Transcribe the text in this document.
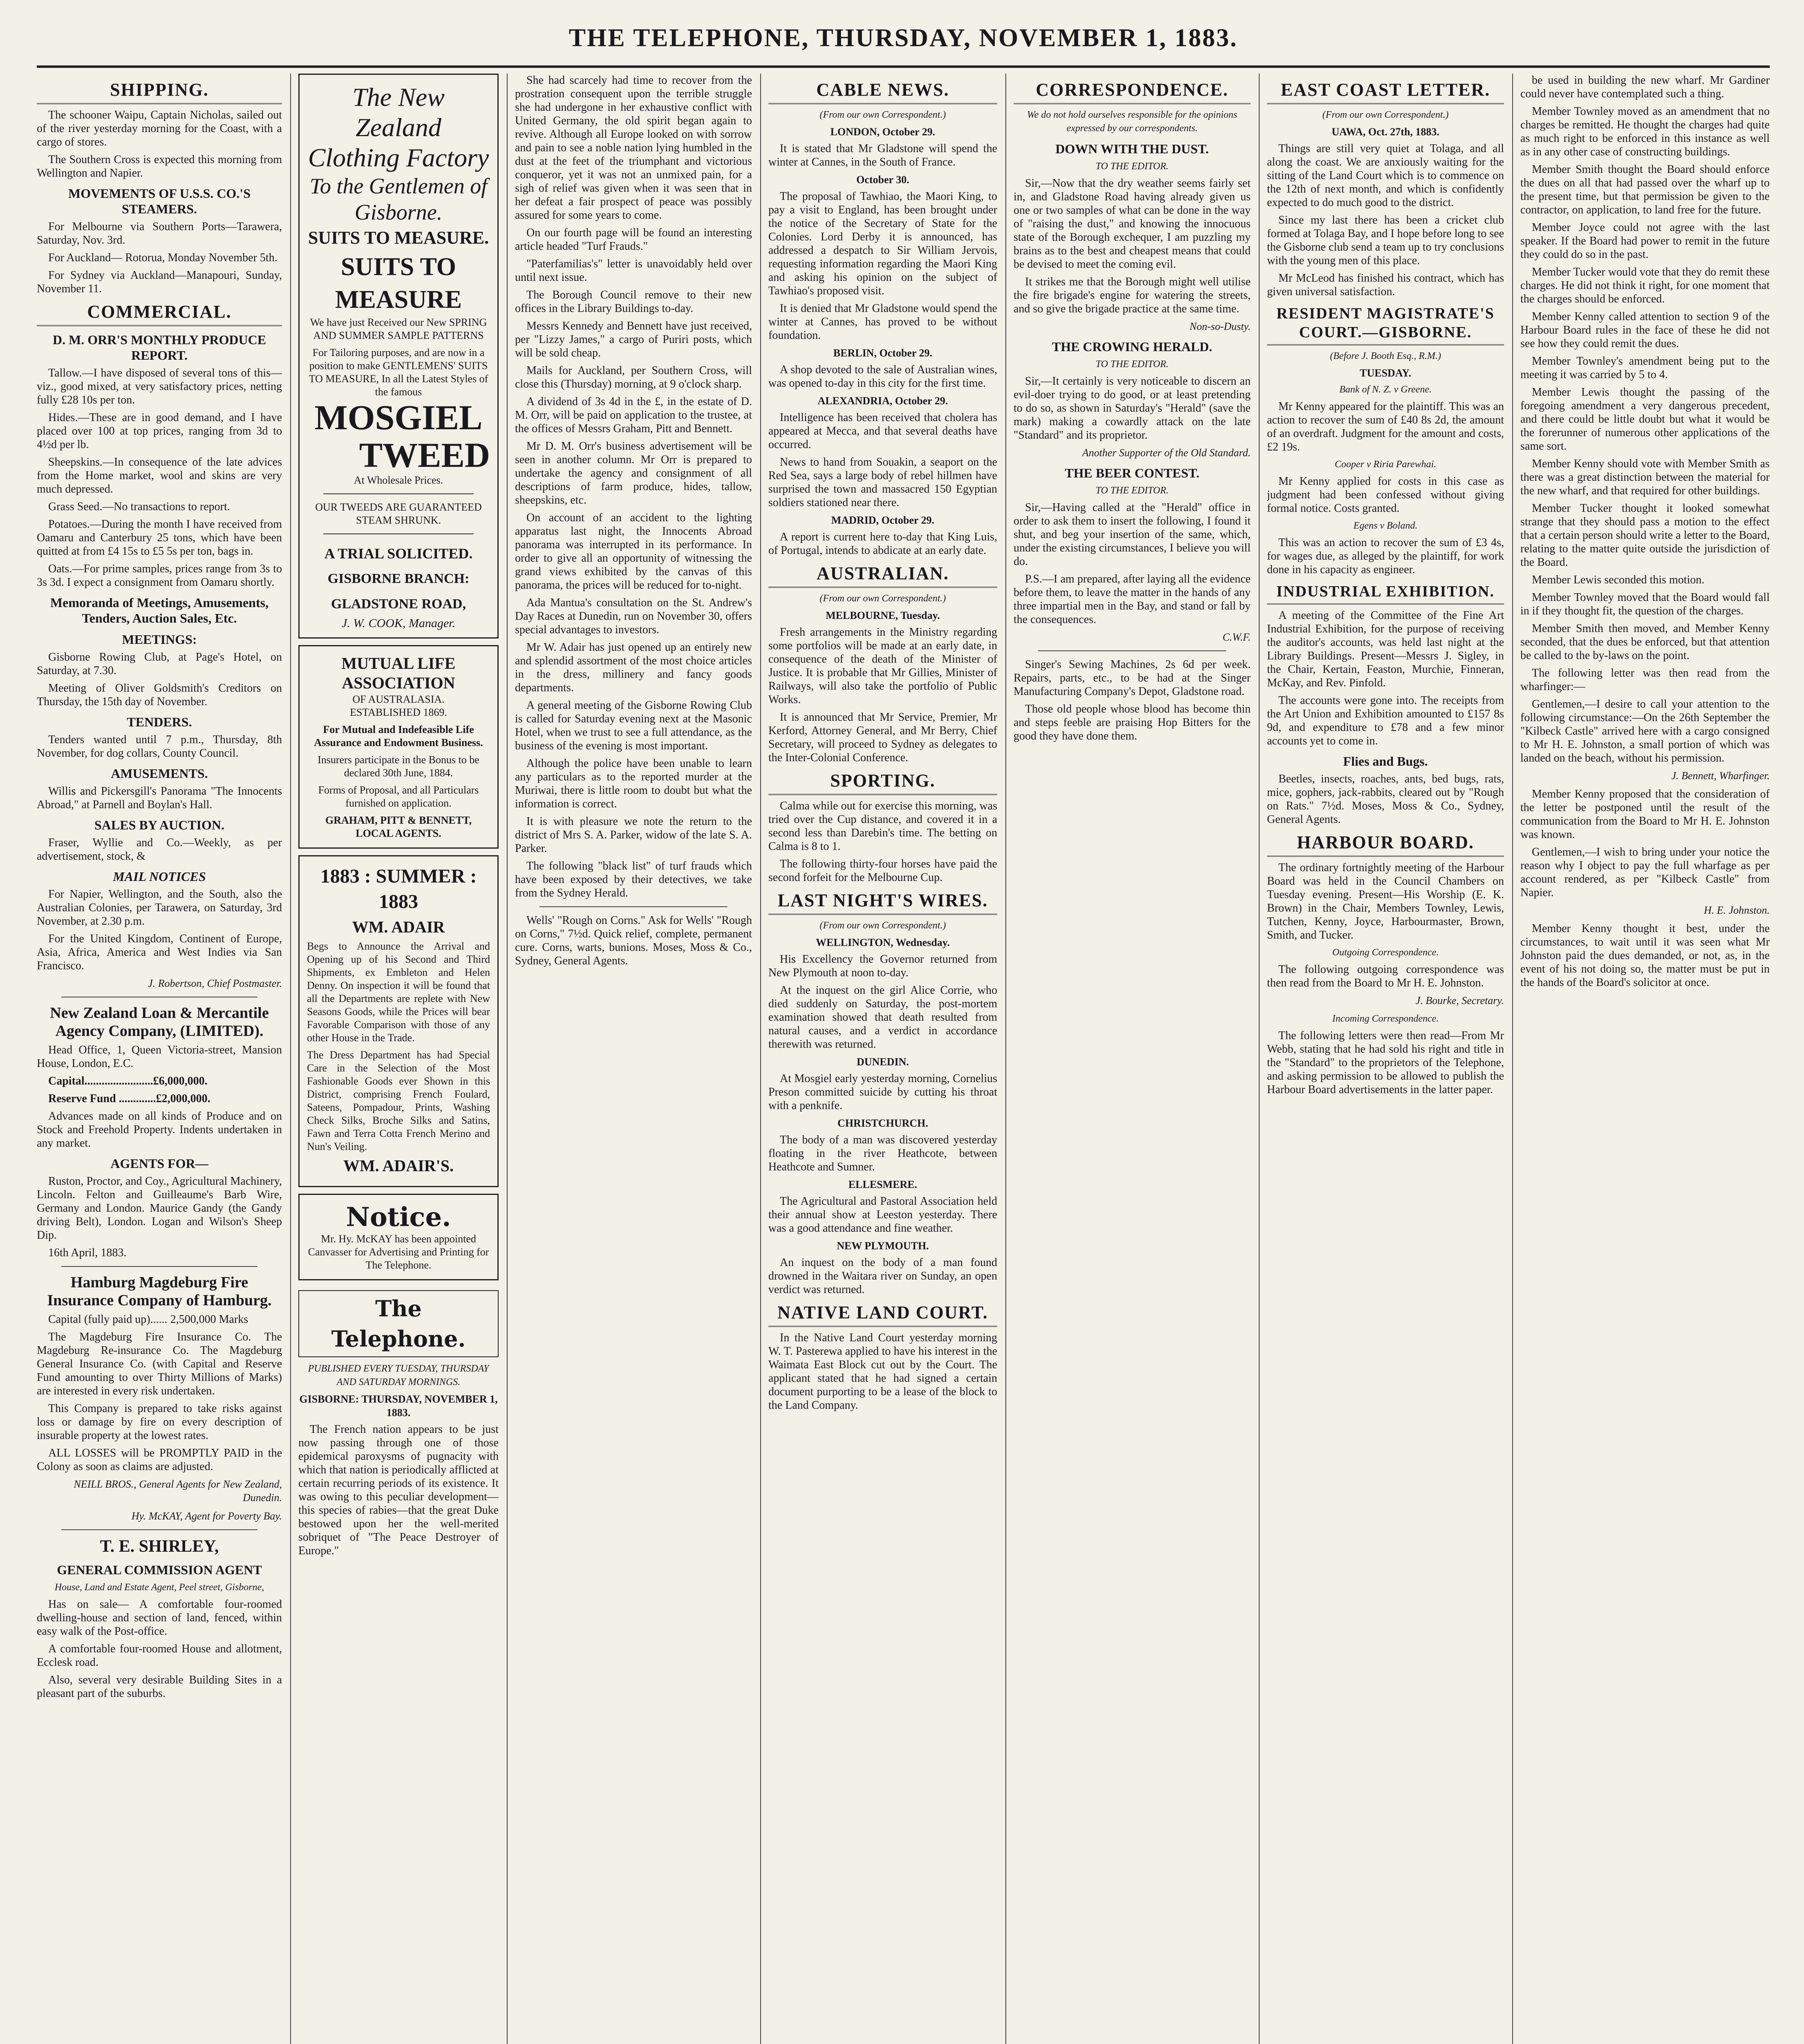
THE TELEPHONE, THURSDAY, NOVEMBER 1, 1883.
SHIPPING.

The schooner Waipu, Captain Nicholas, sailed out of the river yesterday morning for the Coast, with a cargo of stores.

The Southern Cross is expected this morning from Wellington and Napier.

MOVEMENTS OF U.S.S. CO.'S STEAMERS.

For Melbourne via Southern Ports—Tarawera, Saturday, Nov. 3rd.

For Auckland— Rotorua, Monday November 5th.

For Sydney via Auckland—Manapouri, Sunday, November 11.

COMMERCIAL.
D. M. ORR'S MONTHLY PRODUCE REPORT.

Tallow.—I have disposed of several tons of this—viz., good mixed, at very satisfactory prices, netting fully £28 10s per ton.

Hides.—These are in good demand, and I have placed over 100 at top prices, ranging from 3d to 4½d per lb.

Sheepskins.—In consequence of the late advices from the Home market, wool and skins are very much depressed.

Grass Seed.—No transactions to report.

Potatoes.—During the month I have received from Oamaru and Canterbury 25 tons, which have been quitted at from £4 15s to £5 5s per ton, bags in.

Oats.—For prime samples, prices range from 3s to 3s 3d. I expect a consignment from Oamaru shortly.

Memoranda of Meetings, Amusements, Tenders, Auction Sales, Etc.
MEETINGS:

Gisborne Rowing Club, at Page's Hotel, on Saturday, at 7.30.

Meeting of Oliver Goldsmith's Creditors on Thursday, the 15th day of November.

TENDERS.

Tenders wanted until 7 p.m., Thursday, 8th November, for dog collars, County Council.

AMUSEMENTS.

Willis and Pickersgill's Panorama "The Innocents Abroad," at Parnell and Boylan's Hall.

SALES BY AUCTION.

Fraser, Wyllie and Co.—Weekly, as per advertisement, stock, &

MAIL NOTICES

For Napier, Wellington, and the South, also the Australian Colonies, per Tarawera, on Saturday, 3rd November, at 2.30 p.m.

For the United Kingdom, Continent of Europe, Asia, Africa, America and West Indies via San Francisco.

J. Robertson, Chief Postmaster.
New Zealand Loan & Mercantile Agency Company, (LIMITED).

Head Office, 1, Queen Victoria-street, Mansion House, London, E.C.

Capital........................£6,000,000.

Reserve Fund .............£2,000,000.

Advances made on all kinds of Produce and on Stock and Freehold Property. Indents undertaken in any market.

AGENTS FOR—

Ruston, Proctor, and Coy., Agricultural Machinery, Lincoln. Felton and Guilleaume's Barb Wire, Germany and London. Maurice Gandy (the Gandy driving Belt), London. Logan and Wilson's Sheep Dip.

16th April, 1883.

Hamburg Magdeburg Fire Insurance Company of Hamburg.

Capital (fully paid up)...... 2,500,000 Marks

The Magdeburg Fire Insurance Co. The Magdeburg Re-insurance Co. The Magdeburg General Insurance Co. (with Capital and Reserve Fund amounting to over Thirty Millions of Marks) are interested in every risk undertaken.

This Company is prepared to take risks against loss or damage by fire on every description of insurable property at the lowest rates.

ALL LOSSES will be PROMPTLY PAID in the Colony as soon as claims are adjusted.

NEILL BROS., General Agents for New Zealand, Dunedin.
Hy. McKAY, Agent for Poverty Bay.
T. E. SHIRLEY,
GENERAL COMMISSION AGENT
House, Land and Estate Agent, Peel street, Gisborne,

Has on sale— A comfortable four-roomed dwelling-house and section of land, fenced, within easy walk of the Post-office.

A comfortable four-roomed House and allotment, Ecclesk road.

Also, several very desirable Building Sites in a pleasant part of the suburbs.

The New Zealand
Clothing Factory
To the Gentlemen of Gisborne.
SUITS TO MEASURE.
SUITS TO MEASURE
We have just Received our New SPRING AND SUMMER SAMPLE PATTERNS
For Tailoring purposes, and are now in a position to make GENTLEMENS' SUITS TO MEASURE, In all the Latest Styles of the famous
MOSGIEL
TWEED
At Wholesale Prices.
OUR TWEEDS ARE GUARANTEED STEAM SHRUNK.
A TRIAL SOLICITED.
GISBORNE BRANCH:
GLADSTONE ROAD,
J. W. COOK, Manager.
MUTUAL LIFE ASSOCIATION
OF AUSTRALASIA.
ESTABLISHED 1869.
For Mutual and Indefeasible Life Assurance and Endowment Business.
Insurers participate in the Bonus to be declared 30th June, 1884.
Forms of Proposal, and all Particulars furnished on application.
GRAHAM, PITT & BENNETT, LOCAL AGENTS.
1883 : SUMMER : 1883
WM. ADAIR
Begs to Announce the Arrival and Opening up of his Second and Third Shipments, ex Embleton and Helen Denny. On inspection it will be found that all the Departments are replete with New Seasons Goods, while the Prices will bear Favorable Comparison with those of any other House in the Trade.
The Dress Department has had Special Care in the Selection of the Most Fashionable Goods ever Shown in this District, comprising French Foulard, Sateens, Pompadour, Prints, Washing Check Silks, Broche Silks and Satins, Fawn and Terra Cotta French Merino and Nun's Veiling.
WM. ADAIR'S.
Notice.
Mr. Hy. McKAY has been appointed Canvasser for Advertising and Printing for The Telephone.
The Telephone.
PUBLISHED EVERY TUESDAY, THURSDAY AND SATURDAY MORNINGS.
GISBORNE: THURSDAY, NOVEMBER 1, 1883.

The French nation appears to be just now passing through one of those epidemical paroxysms of pugnacity with which that nation is periodically afflicted at certain recurring periods of its existence. It was owing to this peculiar development—this species of rabies—that the great Duke bestowed upon her the well-merited sobriquet of "The Peace Destroyer of Europe."

She had scarcely had time to recover from the prostration consequent upon the terrible struggle she had undergone in her exhaustive conflict with United Germany, the old spirit began again to revive. Although all Europe looked on with sorrow and pain to see a noble nation lying humbled in the dust at the feet of the triumphant and victorious conqueror, yet it was not an unmixed pain, for a sigh of relief was given when it was seen that in her defeat a fair prospect of peace was possibly assured for some years to come.

On our fourth page will be found an interesting article headed "Turf Frauds."

"Paterfamilias's" letter is unavoidably held over until next issue.

The Borough Council remove to their new offices in the Library Buildings to-day.

Messrs Kennedy and Bennett have just received, per "Lizzy James," a cargo of Puriri posts, which will be sold cheap.

Mails for Auckland, per Southern Cross, will close this (Thursday) morning, at 9 o'clock sharp.

A dividend of 3s 4d in the £, in the estate of D. M. Orr, will be paid on application to the trustee, at the offices of Messrs Graham, Pitt and Bennett.

Mr D. M. Orr's business advertisement will be seen in another column. Mr Orr is prepared to undertake the agency and consignment of all descriptions of farm produce, hides, tallow, sheepskins, etc.

On account of an accident to the lighting apparatus last night, the Innocents Abroad panorama was interrupted in its performance. In order to give all an opportunity of witnessing the grand views exhibited by the canvas of this panorama, the prices will be reduced for to-night.

Ada Mantua's consultation on the St. Andrew's Day Races at Dunedin, run on November 30, offers special advantages to investors.

Mr W. Adair has just opened up an entirely new and splendid assortment of the most choice articles in the dress, millinery and fancy goods departments.

A general meeting of the Gisborne Rowing Club is called for Saturday evening next at the Masonic Hotel, when we trust to see a full attendance, as the business of the evening is most important.

Although the police have been unable to learn any particulars as to the reported murder at the Muriwai, there is little room to doubt but what the information is correct.

It is with pleasure we note the return to the district of Mrs S. A. Parker, widow of the late S. A. Parker.

The following "black list" of turf frauds which have been exposed by their detectives, we take from the Sydney Herald.

Wells' "Rough on Corns." Ask for Wells' "Rough on Corns," 7½d. Quick relief, complete, permanent cure. Corns, warts, bunions. Moses, Moss & Co., Sydney, General Agents.

CABLE NEWS.
(From our own Correspondent.)
LONDON, October 29.

It is stated that Mr Gladstone will spend the winter at Cannes, in the South of France.

October 30.

The proposal of Tawhiao, the Maori King, to pay a visit to England, has been brought under the notice of the Secretary of State for the Colonies. Lord Derby it is announced, has addressed a despatch to Sir William Jervois, requesting information regarding the Maori King and asking his opinion on the subject of Tawhiao's proposed visit.

It is denied that Mr Gladstone would spend the winter at Cannes, has proved to be without foundation.

BERLIN, October 29.

A shop devoted to the sale of Australian wines, was opened to-day in this city for the first time.

ALEXANDRIA, October 29.

Intelligence has been received that cholera has appeared at Mecca, and that several deaths have occurred.

News to hand from Souakin, a seaport on the Red Sea, says a large body of rebel hillmen have surprised the town and massacred 150 Egyptian soldiers stationed near there.

MADRID, October 29.

A report is current here to-day that King Luis, of Portugal, intends to abdicate at an early date.

AUSTRALIAN.
(From our own Correspondent.)
MELBOURNE, Tuesday.

Fresh arrangements in the Ministry regarding some portfolios will be made at an early date, in consequence of the death of the Minister of Justice. It is probable that Mr Gillies, Minister of Railways, will also take the portfolio of Public Works.

It is announced that Mr Service, Premier, Mr Kerford, Attorney General, and Mr Berry, Chief Secretary, will proceed to Sydney as delegates to the Inter-Colonial Conference.

SPORTING.

Calma while out for exercise this morning, was tried over the Cup distance, and covered it in a second less than Darebin's time. The betting on Calma is 8 to 1.

The following thirty-four horses have paid the second forfeit for the Melbourne Cup.

LAST NIGHT'S WIRES.
(From our own Correspondent.)
WELLINGTON, Wednesday.

His Excellency the Governor returned from New Plymouth at noon to-day.

At the inquest on the girl Alice Corrie, who died suddenly on Saturday, the post-mortem examination showed that death resulted from natural causes, and a verdict in accordance therewith was returned.

DUNEDIN.

At Mosgiel early yesterday morning, Cornelius Preson committed suicide by cutting his throat with a penknife.

CHRISTCHURCH.

The body of a man was discovered yesterday floating in the river Heathcote, between Heathcote and Sumner.

ELLESMERE.

The Agricultural and Pastoral Association held their annual show at Leeston yesterday. There was a good attendance and fine weather.

NEW PLYMOUTH.

An inquest on the body of a man found drowned in the Waitara river on Sunday, an open verdict was returned.

NATIVE LAND COURT.

In the Native Land Court yesterday morning W. T. Pasterewa applied to have his interest in the Waimata East Block cut out by the Court. The applicant stated that he had signed a certain document purporting to be a lease of the block to the Land Company.

CORRESPONDENCE.
We do not hold ourselves responsible for the opinions expressed by our correspondents.
DOWN WITH THE DUST.
TO THE EDITOR.

Sir,—Now that the dry weather seems fairly set in, and Gladstone Road having already given us one or two samples of what can be done in the way of "raising the dust," and knowing the innocuous state of the Borough exchequer, I am puzzling my brains as to the best and cheapest means that could be devised to meet the coming evil.

It strikes me that the Borough might well utilise the fire brigade's engine for watering the streets, and so give the brigade practice at the same time.

Non-so-Dusty.
THE CROWING HERALD.
TO THE EDITOR.

Sir,—It certainly is very noticeable to discern an evil-doer trying to do good, or at least pretending to do so, as shown in Saturday's "Herald" (save the mark) making a cowardly attack on the late "Standard" and its proprietor.

Another Supporter of the Old Standard.
THE BEER CONTEST.
TO THE EDITOR.

Sir,—Having called at the "Herald" office in order to ask them to insert the following, I found it shut, and beg your insertion of the same, which, under the existing circumstances, I believe you will do.

P.S.—I am prepared, after laying all the evidence before them, to leave the matter in the hands of any three impartial men in the Bay, and stand or fall by the consequences.

C.W.F.

Singer's Sewing Machines, 2s 6d per week. Repairs, parts, etc., to be had at the Singer Manufacturing Company's Depot, Gladstone road.

Those old people whose blood has become thin and steps feeble are praising Hop Bitters for the good they have done them.

EAST COAST LETTER.
(From our own Correspondent.)
UAWA, Oct. 27th, 1883.

Things are still very quiet at Tolaga, and all along the coast. We are anxiously waiting for the sitting of the Land Court which is to commence on the 12th of next month, and which is confidently expected to do much good to the district.

Since my last there has been a cricket club formed at Tolaga Bay, and I hope before long to see the Gisborne club send a team up to try conclusions with the young men of this place.

Mr McLeod has finished his contract, which has given universal satisfaction.

RESIDENT MAGISTRATE'S COURT.—GISBORNE.
(Before J. Booth Esq., R.M.)
TUESDAY.
Bank of N. Z. v Greene.

Mr Kenny appeared for the plaintiff. This was an action to recover the sum of £40 8s 2d, the amount of an overdraft. Judgment for the amount and costs, £2 19s.

Cooper v Riria Parewhai.

Mr Kenny applied for costs in this case as judgment had been confessed without giving formal notice. Costs granted.

Egens v Boland.

This was an action to recover the sum of £3 4s, for wages due, as alleged by the plaintiff, for work done in his capacity as engineer.

INDUSTRIAL EXHIBITION.

A meeting of the Committee of the Fine Art Industrial Exhibition, for the purpose of receiving the auditor's accounts, was held last night at the Library Buildings. Present—Messrs J. Sigley, in the Chair, Kertain, Feaston, Murchie, Finneran, McKay, and Rev. Pinfold.

The accounts were gone into. The receipts from the Art Union and Exhibition amounted to £157 8s 9d, and expenditure to £78 and a few minor accounts yet to come in.

Flies and Bugs.

Beetles, insects, roaches, ants, bed bugs, rats, mice, gophers, jack-rabbits, cleared out by "Rough on Rats." 7½d. Moses, Moss & Co., Sydney, General Agents.

HARBOUR BOARD.

The ordinary fortnightly meeting of the Harbour Board was held in the Council Chambers on Tuesday evening. Present—His Worship (E. K. Brown) in the Chair, Members Townley, Lewis, Tutchen, Kenny, Joyce, Harbourmaster, Brown, Smith, and Tucker.

Outgoing Correspondence.

The following outgoing correspondence was then read from the Board to Mr H. E. Johnston.

J. Bourke, Secretary.
Incoming Correspondence.

The following letters were then read—From Mr Webb, stating that he had sold his right and title in the "Standard" to the proprietors of the Telephone, and asking permission to be allowed to publish the Harbour Board advertisements in the latter paper.

be used in building the new wharf. Mr Gardiner could never have contemplated such a thing.

Member Townley moved as an amendment that no charges be remitted. He thought the charges had quite as much right to be enforced in this instance as well as in any other case of constructing buildings.

Member Smith thought the Board should enforce the dues on all that had passed over the wharf up to the present time, but that permission be given to the contractor, on application, to land free for the future.

Member Joyce could not agree with the last speaker. If the Board had power to remit in the future they could do so in the past.

Member Tucker would vote that they do remit these charges. He did not think it right, for one moment that the charges should be enforced.

Member Kenny called attention to section 9 of the Harbour Board rules in the face of these he did not see how they could remit the dues.

Member Townley's amendment being put to the meeting it was carried by 5 to 4.

Member Lewis thought the passing of the foregoing amendment a very dangerous precedent, and there could be little doubt but what it would be the forerunner of numerous other applications of the same sort.

Member Kenny should vote with Member Smith as there was a great distinction between the material for the new wharf, and that required for other buildings.

Member Tucker thought it looked somewhat strange that they should pass a motion to the effect that a certain person should write a letter to the Board, relating to the matter quite outside the jurisdiction of the Board.

Member Lewis seconded this motion.

Member Townley moved that the Board would fall in if they thought fit, the question of the charges.

Member Smith then moved, and Member Kenny seconded, that the dues be enforced, but that attention be called to the by-laws on the point.

The following letter was then read from the wharfinger:—

Gentlemen,—I desire to call your attention to the following circumstance:—On the 26th September the "Kilbeck Castle" arrived here with a cargo consigned to Mr H. E. Johnston, a small portion of which was landed on the beach, without his permission.

J. Bennett, Wharfinger.

Member Kenny proposed that the consideration of the letter be postponed until the result of the communication from the Board to Mr H. E. Johnston was known.

Gentlemen,—I wish to bring under your notice the reason why I object to pay the full wharfage as per account rendered, as per "Kilbeck Castle" from Napier.

H. E. Johnston.

Member Kenny thought it best, under the circumstances, to wait until it was seen what Mr Johnston paid the dues demanded, or not, as, in the event of his not doing so, the matter must be put in the hands of the Board's solicitor at once.
